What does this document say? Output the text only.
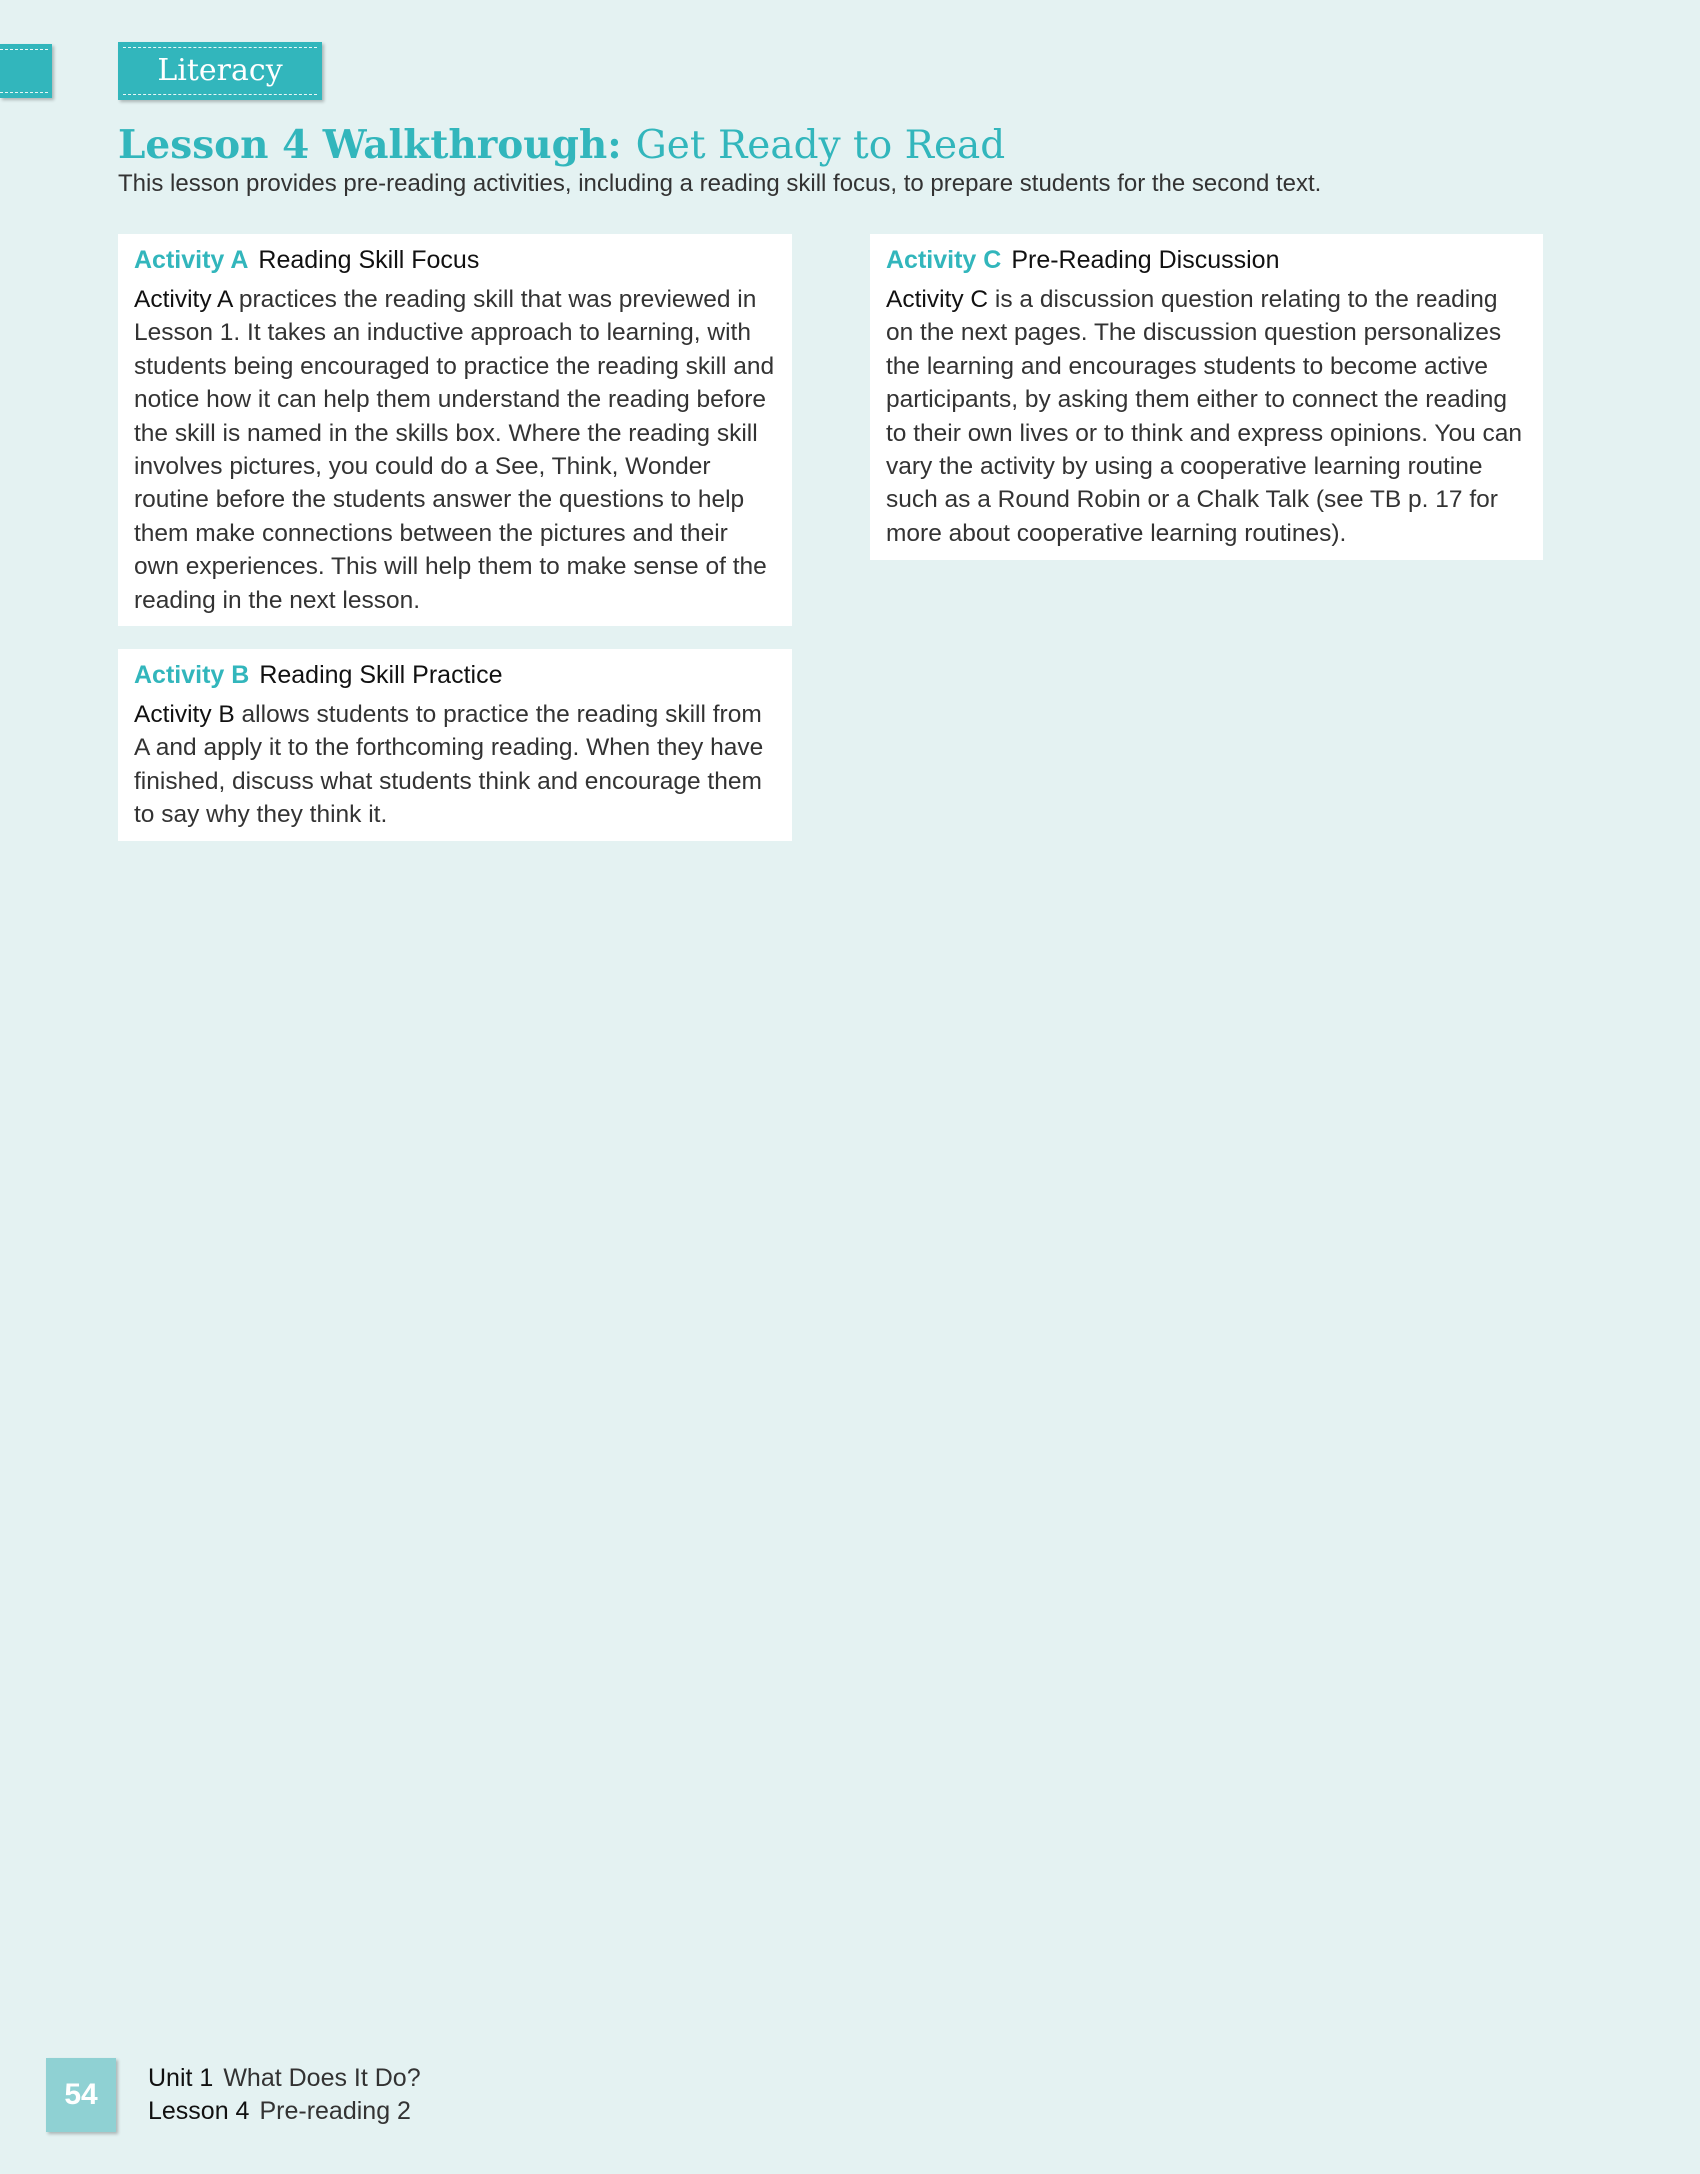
Literacy
Lesson 4 Walkthrough: Get Ready to Read

This lesson provides pre-reading activities, including a reading skill focus, to prepare students for the second text.

Activity A Reading Skill Focus

Activity A practices the reading skill that was previewed in Lesson 1. It takes an inductive approach to learning, with students being encouraged to practice the reading skill and notice how it can help them understand the reading before the skill is named in the skills box. Where the reading skill involves pictures, you could do a See, Think, Wonder routine before the students answer the questions to help them make connections between the pictures and their own experiences. This will help them to make sense of the reading in the next lesson.

Activity B Reading Skill Practice

Activity B allows students to practice the reading skill from A and apply it to the forthcoming reading. When they have finished, discuss what students think and encourage them to say why they think it.

Activity C Pre-Reading Discussion

Activity C is a discussion question relating to the reading on the next pages. The discussion question personalizes the learning and encourages students to become active participants, by asking them either to connect the reading to their own lives or to think and express opinions. You can vary the activity by using a cooperative learning routine such as a Round Robin or a Chalk Talk (see TB p. 17 for more about cooperative learning routines).

54	Unit 1 What Does It Do?
Lesson 4 Pre-reading 2
